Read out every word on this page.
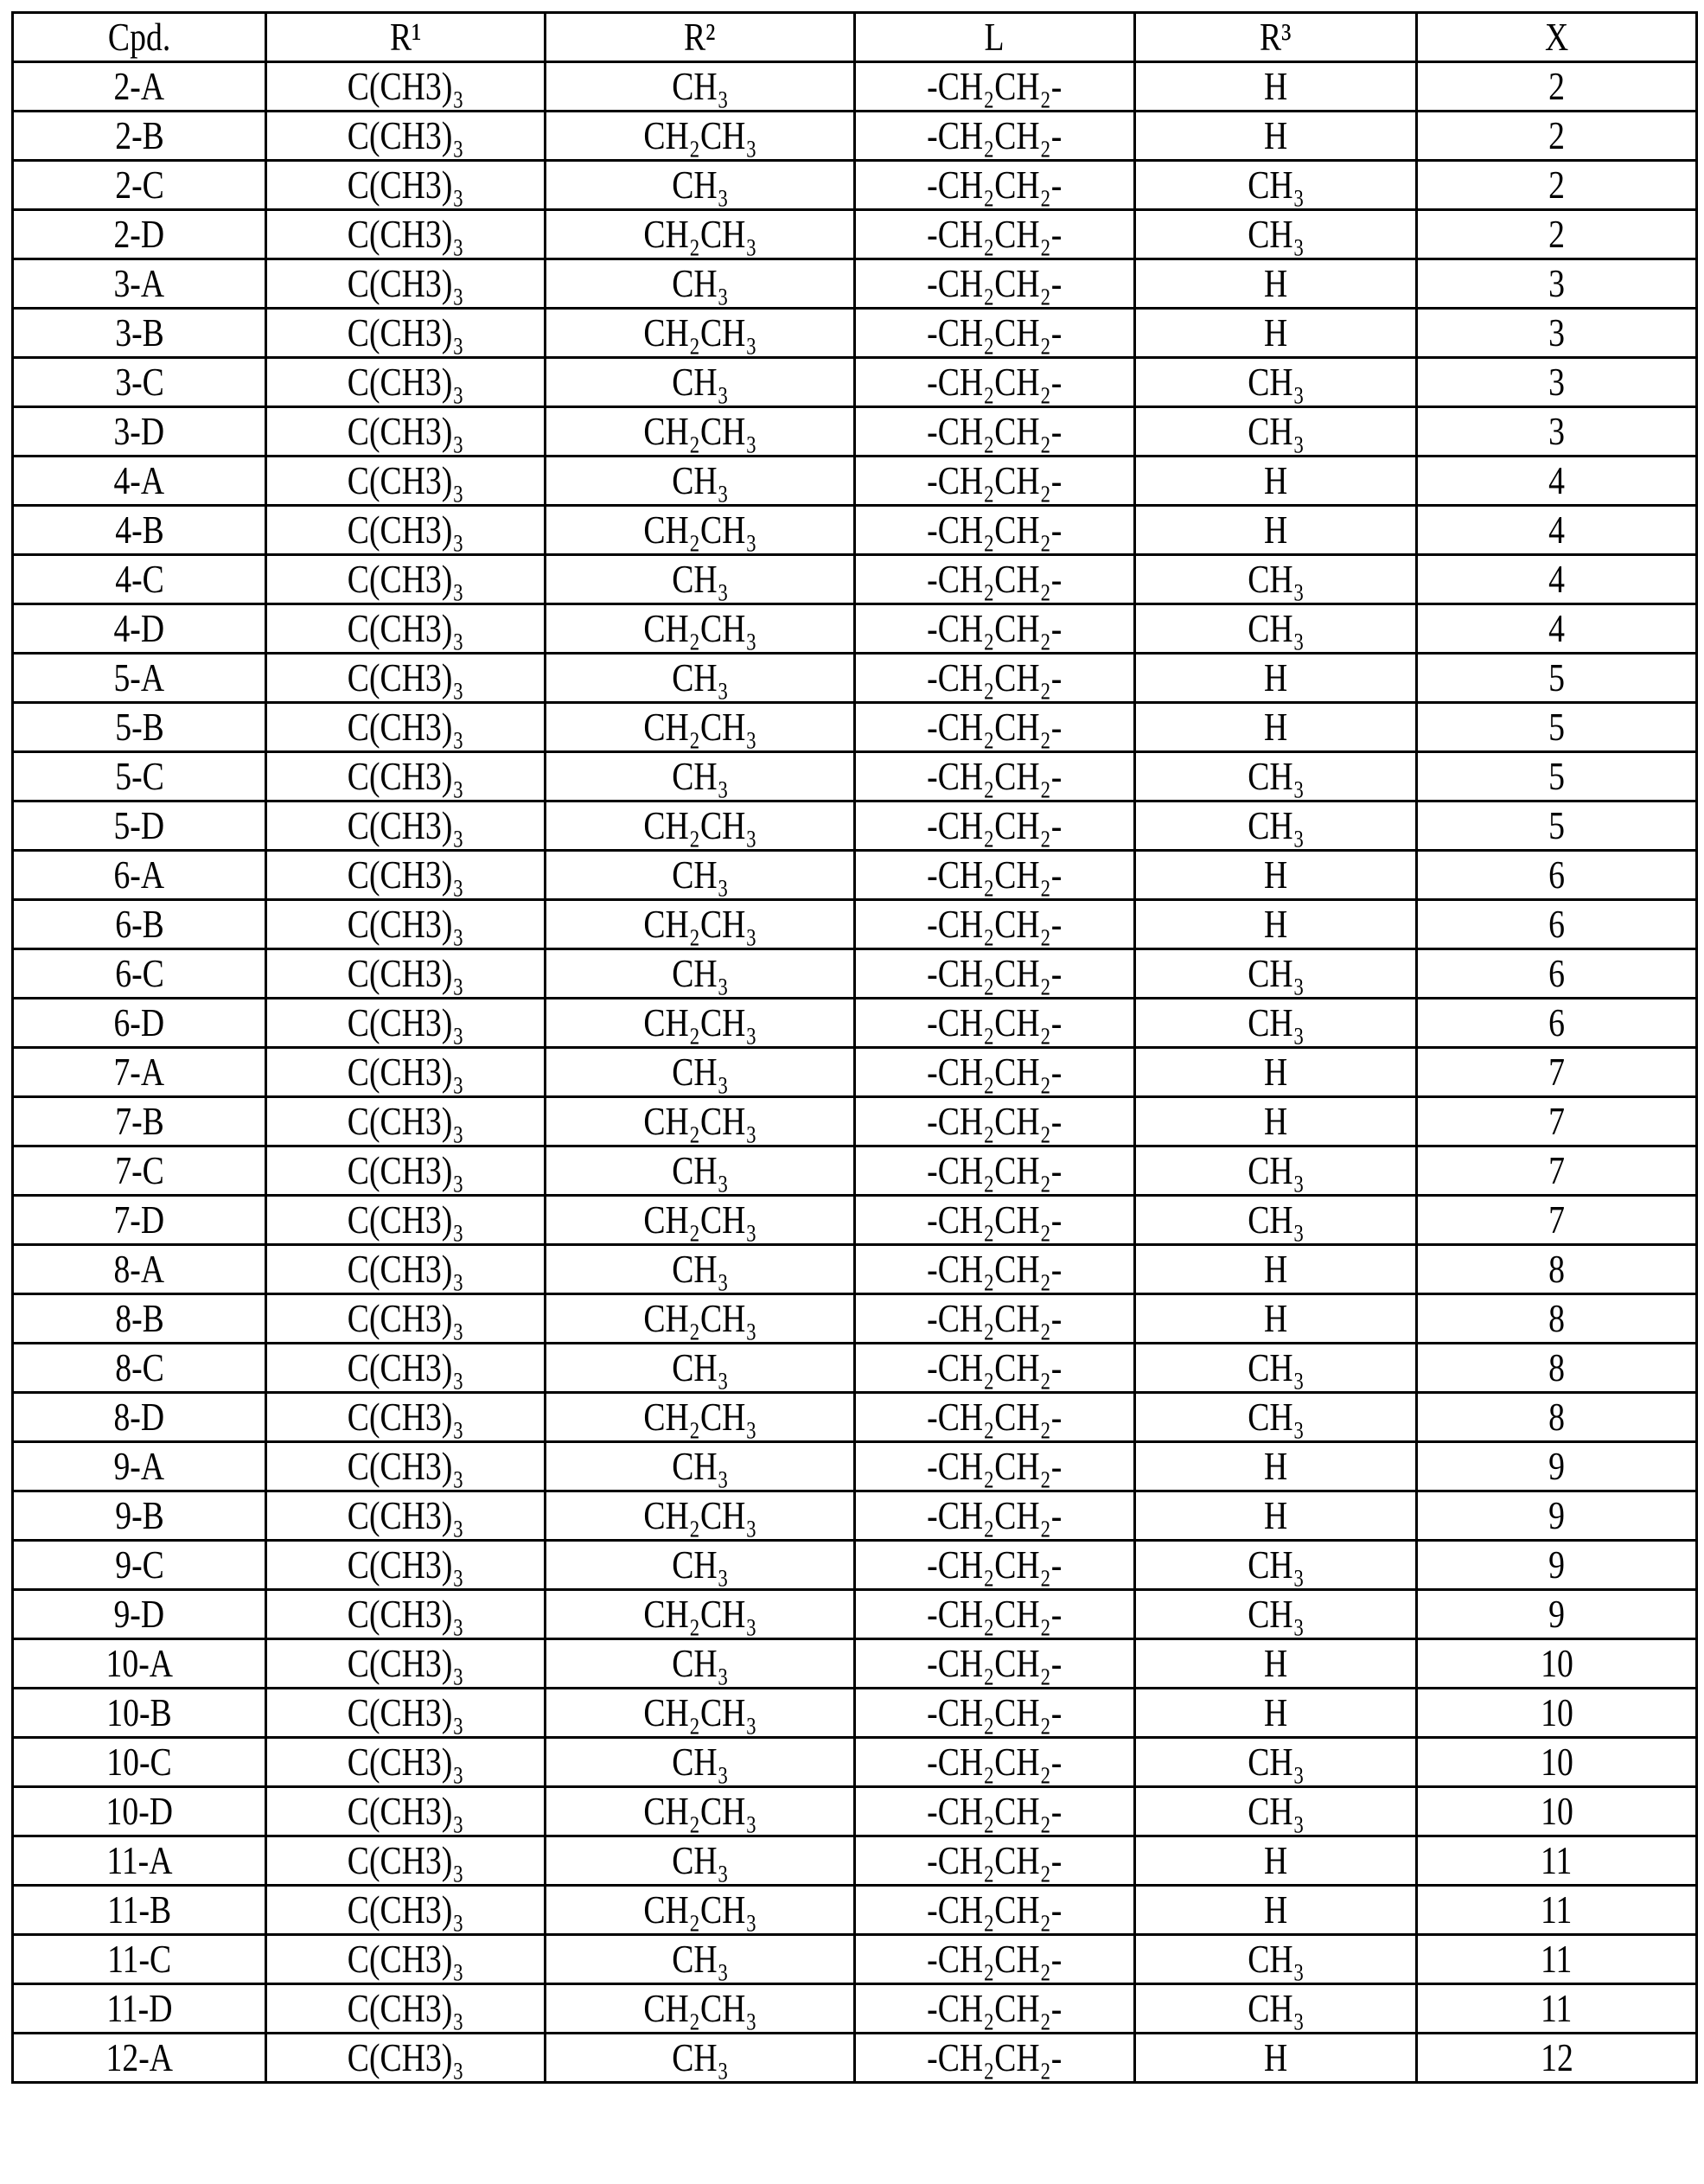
Cpd.	R¹	R²	L	R³	X
2-A	C(CH3)₃	CH₃	-CH₂CH₂-	H	2
2-B	C(CH3)₃	CH₂CH₃	-CH₂CH₂-	H	2
2-C	C(CH3)₃	CH₃	-CH₂CH₂-	CH₃	2
2-D	C(CH3)₃	CH₂CH₃	-CH₂CH₂-	CH₃	2
3-A	C(CH3)₃	CH₃	-CH₂CH₂-	H	3
3-B	C(CH3)₃	CH₂CH₃	-CH₂CH₂-	H	3
3-C	C(CH3)₃	CH₃	-CH₂CH₂-	CH₃	3
3-D	C(CH3)₃	CH₂CH₃	-CH₂CH₂-	CH₃	3
4-A	C(CH3)₃	CH₃	-CH₂CH₂-	H	4
4-B	C(CH3)₃	CH₂CH₃	-CH₂CH₂-	H	4
4-C	C(CH3)₃	CH₃	-CH₂CH₂-	CH₃	4
4-D	C(CH3)₃	CH₂CH₃	-CH₂CH₂-	CH₃	4
5-A	C(CH3)₃	CH₃	-CH₂CH₂-	H	5
5-B	C(CH3)₃	CH₂CH₃	-CH₂CH₂-	H	5
5-C	C(CH3)₃	CH₃	-CH₂CH₂-	CH₃	5
5-D	C(CH3)₃	CH₂CH₃	-CH₂CH₂-	CH₃	5
6-A	C(CH3)₃	CH₃	-CH₂CH₂-	H	6
6-B	C(CH3)₃	CH₂CH₃	-CH₂CH₂-	H	6
6-C	C(CH3)₃	CH₃	-CH₂CH₂-	CH₃	6
6-D	C(CH3)₃	CH₂CH₃	-CH₂CH₂-	CH₃	6
7-A	C(CH3)₃	CH₃	-CH₂CH₂-	H	7
7-B	C(CH3)₃	CH₂CH₃	-CH₂CH₂-	H	7
7-C	C(CH3)₃	CH₃	-CH₂CH₂-	CH₃	7
7-D	C(CH3)₃	CH₂CH₃	-CH₂CH₂-	CH₃	7
8-A	C(CH3)₃	CH₃	-CH₂CH₂-	H	8
8-B	C(CH3)₃	CH₂CH₃	-CH₂CH₂-	H	8
8-C	C(CH3)₃	CH₃	-CH₂CH₂-	CH₃	8
8-D	C(CH3)₃	CH₂CH₃	-CH₂CH₂-	CH₃	8
9-A	C(CH3)₃	CH₃	-CH₂CH₂-	H	9
9-B	C(CH3)₃	CH₂CH₃	-CH₂CH₂-	H	9
9-C	C(CH3)₃	CH₃	-CH₂CH₂-	CH₃	9
9-D	C(CH3)₃	CH₂CH₃	-CH₂CH₂-	CH₃	9
10-A	C(CH3)₃	CH₃	-CH₂CH₂-	H	10
10-B	C(CH3)₃	CH₂CH₃	-CH₂CH₂-	H	10
10-C	C(CH3)₃	CH₃	-CH₂CH₂-	CH₃	10
10-D	C(CH3)₃	CH₂CH₃	-CH₂CH₂-	CH₃	10
11-A	C(CH3)₃	CH₃	-CH₂CH₂-	H	11
11-B	C(CH3)₃	CH₂CH₃	-CH₂CH₂-	H	11
11-C	C(CH3)₃	CH₃	-CH₂CH₂-	CH₃	11
11-D	C(CH3)₃	CH₂CH₃	-CH₂CH₂-	CH₃	11
12-A	C(CH3)₃	CH₃	-CH₂CH₂-	H	12
